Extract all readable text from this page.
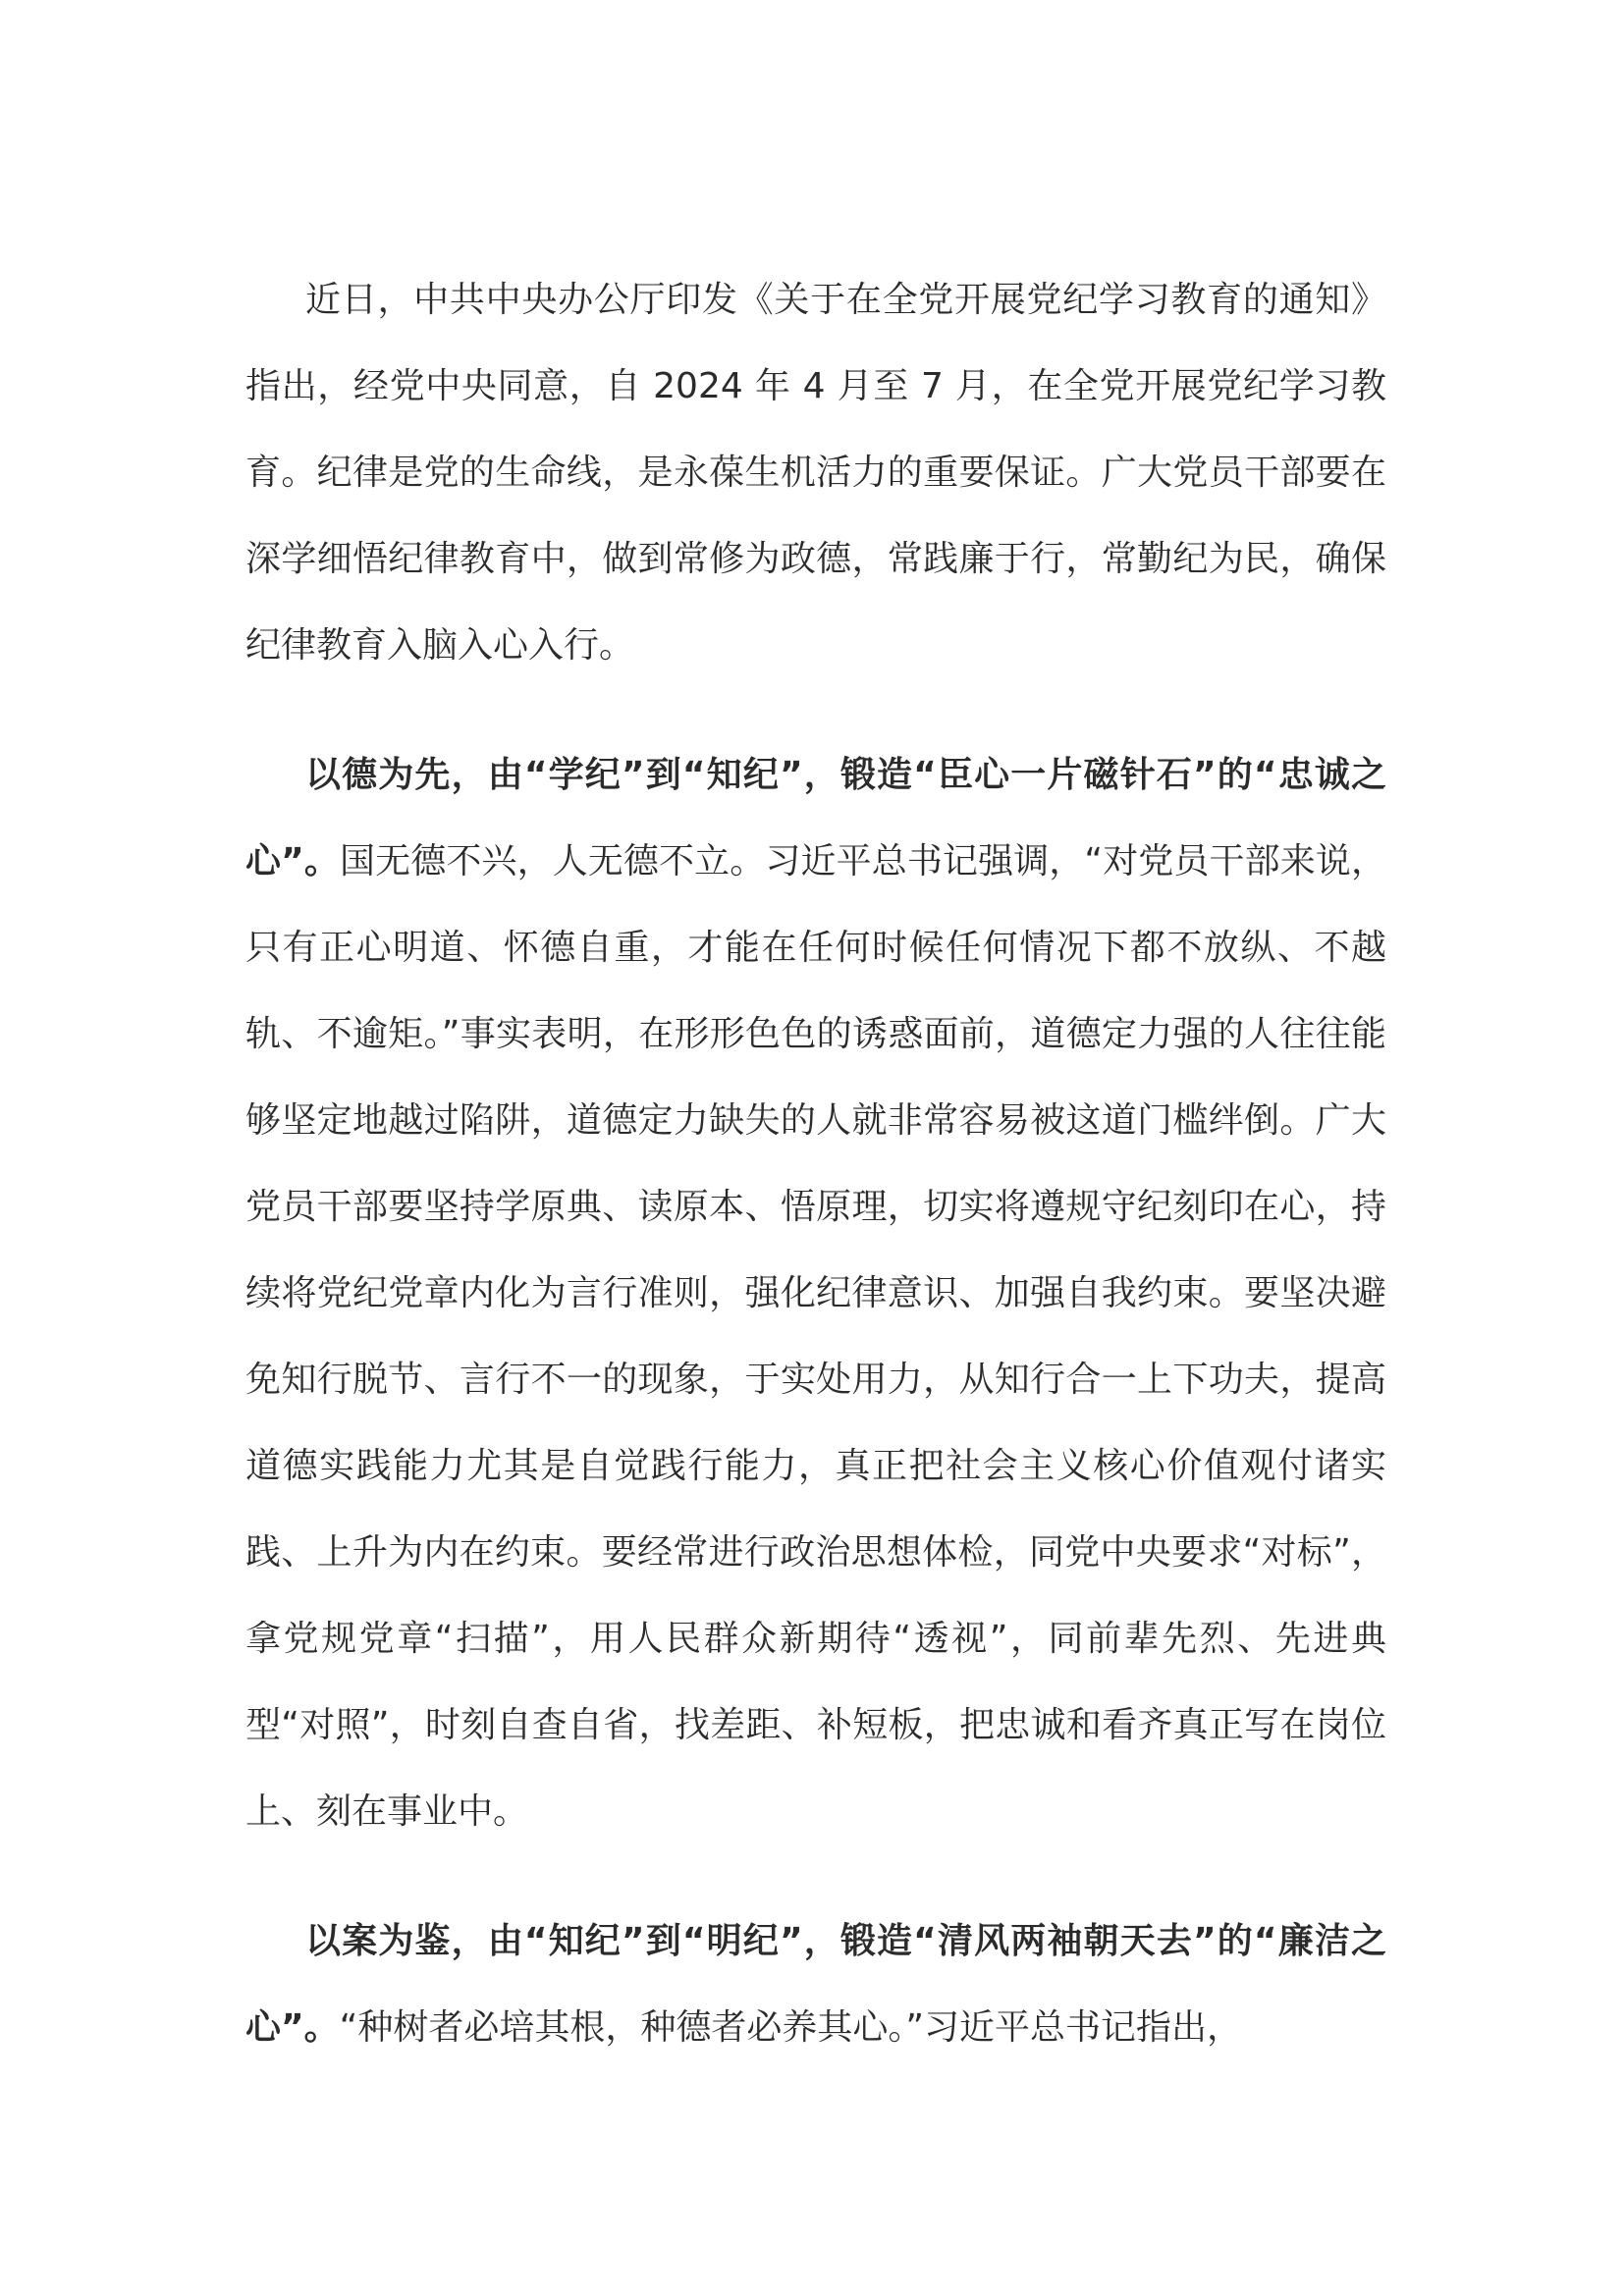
近日，中共中央办公厅印发《关于在全党开展党纪学习教育的通知》指出，经党中央同意，自 2024 年 4 月至 7 月，在全党开展党纪学习教育。纪律是党的生命线，是永葆生机活力的重要保证。广大党员干部要在深学细悟纪律教育中，做到常修为政德，常践廉于行，常勤纪为民，确保纪律教育入脑入心入行。

以德为先，由“学纪”到“知纪”，锻造“臣心一片磁针石”的“忠诚之心”。国无德不兴，人无德不立。习近平总书记强调，“对党员干部来说，只有正心明道、怀德自重，才能在任何时候任何情况下都不放纵、不越轨、不逾矩。”事实表明，在形形色色的诱惑面前，道德定力强的人往往能够坚定地越过陷阱，道德定力缺失的人就非常容易被这道门槛绊倒。广大党员干部要坚持学原典、读原本、悟原理，切实将遵规守纪刻印在心，持续将党纪党章内化为言行准则，强化纪律意识、加强自我约束。要坚决避免知行脱节、言行不一的现象，于实处用力，从知行合一上下功夫，提高道德实践能力尤其是自觉践行能力，真正把社会主义核心价值观付诸实践、上升为内在约束。要经常进行政治思想体检，同党中央要求“对标”，拿党规党章“扫描”，用人民群众新期待“透视”，同前辈先烈、先进典型“对照”，时刻自查自省，找差距、补短板，把忠诚和看齐真正写在岗位上、刻在事业中。

以案为鉴，由“知纪”到“明纪”，锻造“清风两袖朝天去”的“廉洁之心”。“种树者必培其根，种德者必养其心。”习近平总书记指出，
